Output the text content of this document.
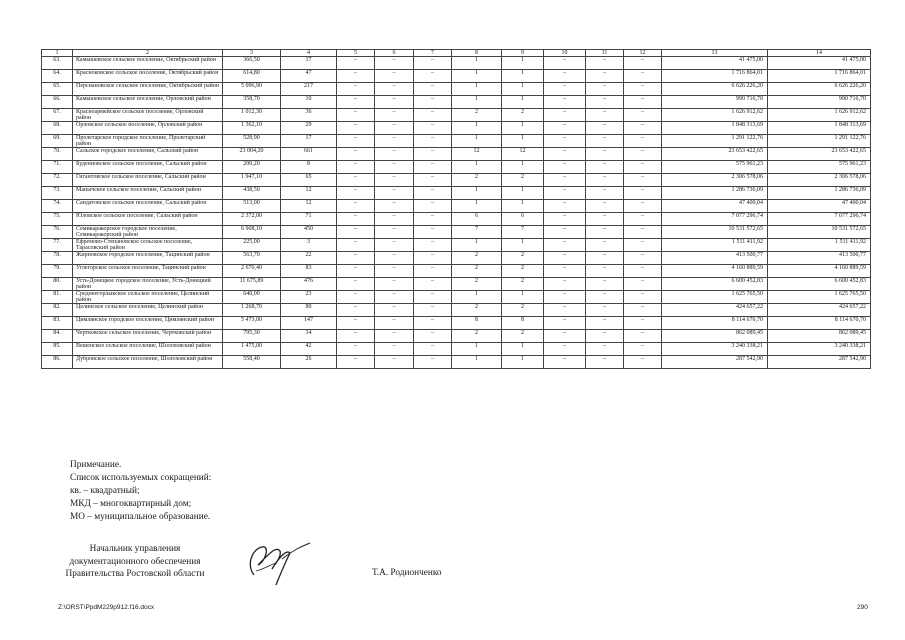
1	2	3	4	5	6	7	8	9	10	11	12	13	14
63.	Камышевское сельское поселение, Октябрьский район	366,50	17	–	–	–	1	1	–	–	–	41 475,00	41 475,00
64.	Красноковское сельское поселение, Октябрьский район	614,80	47	–	–	–	1	1	–	–	–	1 716 864,01	1 716 864,01
65.	Персиановское сельское поселение, Октябрьский район	5 096,90	217	–	–	–	1	1	–	–	–	6 626 226,20	6 626 226,20
66.	Камышевское сельское поселение, Орловский район	358,70	10	–	–	–	1	1	–	–	–	990 716,70	990 716,70
67.	Красноармейское сельское поселение, Орловский район	1 012,30	36	–	–	–	2	2	–	–	–	1 626 912,62	1 626 912,62
68.	Орловское сельское поселение, Орловский район	1 362,10	29	–	–	–	1	1	–	–	–	1 848 313,69	1 848 313,69
69.	Пролетарское городское поселение, Пролетарский район	528,90	17	–	–	–	1	1	–	–	–	1 291 122,76	1 291 122,76
70.	Сальское городское поселение, Сальский район	23 004,20	661	–	–	–	12	12	–	–	–	23 653 422,65	23 653 422,65
71.	Буденновское сельское поселение, Сальский район	200,20	8	–	–	–	1	1	–	–	–	575 961,23	575 961,23
72.	Гигантовское сельское поселение, Сальский район	1 947,10	65	–	–	–	2	2	–	–	–	2 306 578,06	2 306 578,06
73.	Манычское сельское поселение, Сальский район	438,50	12	–	–	–	1	1	–	–	–	1 286 736,09	1 286 736,09
74.	Сандатовское сельское поселение, Сальский район	513,00	12	–	–	–	1	1	–	–	–	47 400,04	47 400,04
75.	Юловское сельское поселение, Сальский район	2 372,00	71	–	–	–	6	6	–	–	–	7 077 296,74	7 077 296,74
76.	Семикаракорское городское поселение, Семикаракорский район	6 908,10	450	–	–	–	7	7	–	–	–	10 531 572,65	10 531 572,65
77.	Ефремово-Степановское сельское поселение, Тарасовский район	225,00	3	–	–	–	1	1	–	–	–	1 511 411,92	1 511 411,92
78.	Жирновское городское поселение, Тацинский район	563,70	22	–	–	–	2	2	–	–	–	413 500,77	413 500,77
79.	Углегорское сельское поселение, Тацинский район	2 670,40	83	–	–	–	2	2	–	–	–	4 160 889,59	4 160 889,59
80.	Усть-Донецкое городское поселение, Усть-Донецкий район	11 675,89	476	–	–	–	2	2	–	–	–	6 600 452,83	6 600 452,83
81.	Среднеегорлыкское сельское поселение, Целинский район	640,00	23	–	–	–	1	1	–	–	–	1 625 765,50	1 625 765,50
82.	Целинское сельское поселение, Целинский район	1 268,70	80	–	–	–	2	2	–	–	–	424 657,22	424 657,22
83.	Цимлянское городское поселение, Цимлянский район	5 473,00	147	–	–	–	8	8	–	–	–	8 114 670,70	8 114 670,70
84.	Чертковское сельское поселение, Чертковский район	795,30	34	–	–	–	2	2	–	–	–	862 089,45	862 089,45
85.	Вешенское сельское поселение, Шолоховский район	1 475,00	42	–	–	–	1	1	–	–	–	3 240 338,21	3 240 338,21
86.	Дубровское сельское поселение, Шолоховский район	558,40	26	–	–	–	1	1	–	–	–	287 542,90	287 542,90
Примечание.
Список используемых сокращений:
кв. – квадратный;
МКД – многоквартирный дом;
МО – муниципальное образование.
Начальник управления
документационного обеспечения
Правительства Ростовской области	Т.А. Родионченко
Z:\ORST\PpdM229p912.f16.docx	290
